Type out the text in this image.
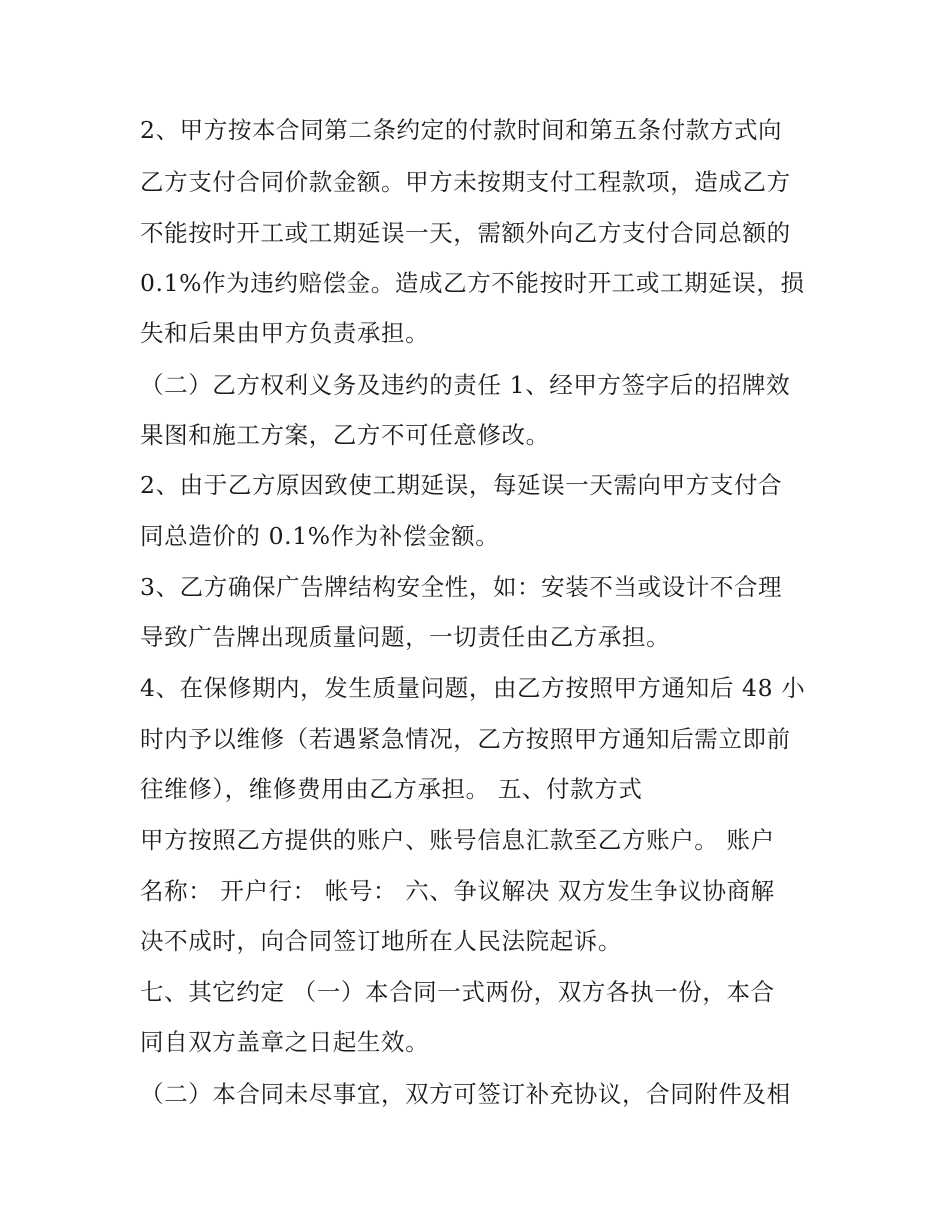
2、甲方按本合同第二条约定的付款时间和第五条付款方式向
乙方支付合同价款金额。甲方未按期支付工程款项，造成乙方
不能按时开工或工期延误一天，需额外向乙方支付合同总额的
0.1%作为违约赔偿金。造成乙方不能按时开工或工期延误，损
失和后果由甲方负责承担。
（二）乙方权利义务及违约的责任 1、经甲方签字后的招牌效
果图和施工方案，乙方不可任意修改。
2、由于乙方原因致使工期延误，每延误一天需向甲方支付合
同总造价的 0.1%作为补偿金额。
3、乙方确保广告牌结构安全性，如：安装不当或设计不合理
导致广告牌出现质量问题，一切责任由乙方承担。
4、在保修期内，发生质量问题，由乙方按照甲方通知后 48 小
时内予以维修（若遇紧急情况，乙方按照甲方通知后需立即前
往维修），维修费用由乙方承担。 五、付款方式
甲方按照乙方提供的账户、账号信息汇款至乙方账户。 账户
名称： 开户行： 帐号： 六、争议解决 双方发生争议协商解
决不成时，向合同签订地所在人民法院起诉。
七、其它约定 （一）本合同一式两份，双方各执一份，本合
同自双方盖章之日起生效。
（二）本合同未尽事宜，双方可签订补充协议，合同附件及相
